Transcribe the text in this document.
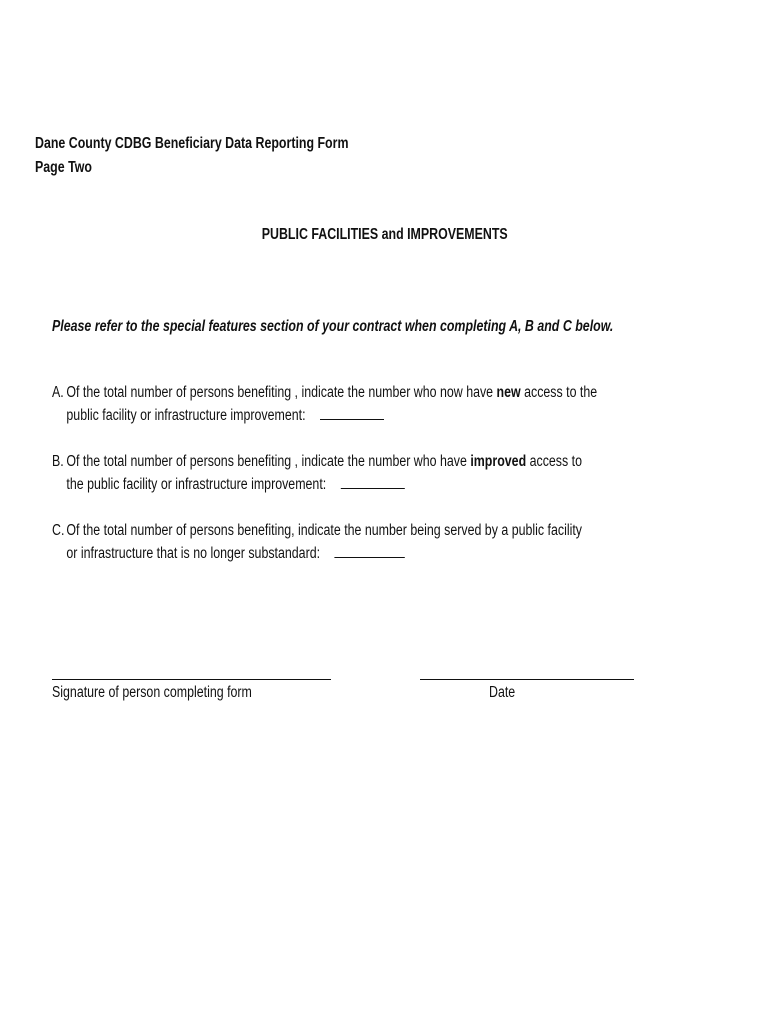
Dane County CDBG Beneficiary Data Reporting Form
Page Two
PUBLIC FACILITIES and IMPROVEMENTS
Please refer to the special features section of your contract when completing A, B and C below.
A. Of the total number of persons benefiting , indicate the number who now have new access to the
public facility or infrastructure improvement:
B. Of the total number of persons benefiting , indicate the number who have improved access to
the public facility or infrastructure improvement:
C. Of the total number of persons benefiting, indicate the number being served by a public facility
or infrastructure that is no longer substandard:
Signature of person completing form	Date
